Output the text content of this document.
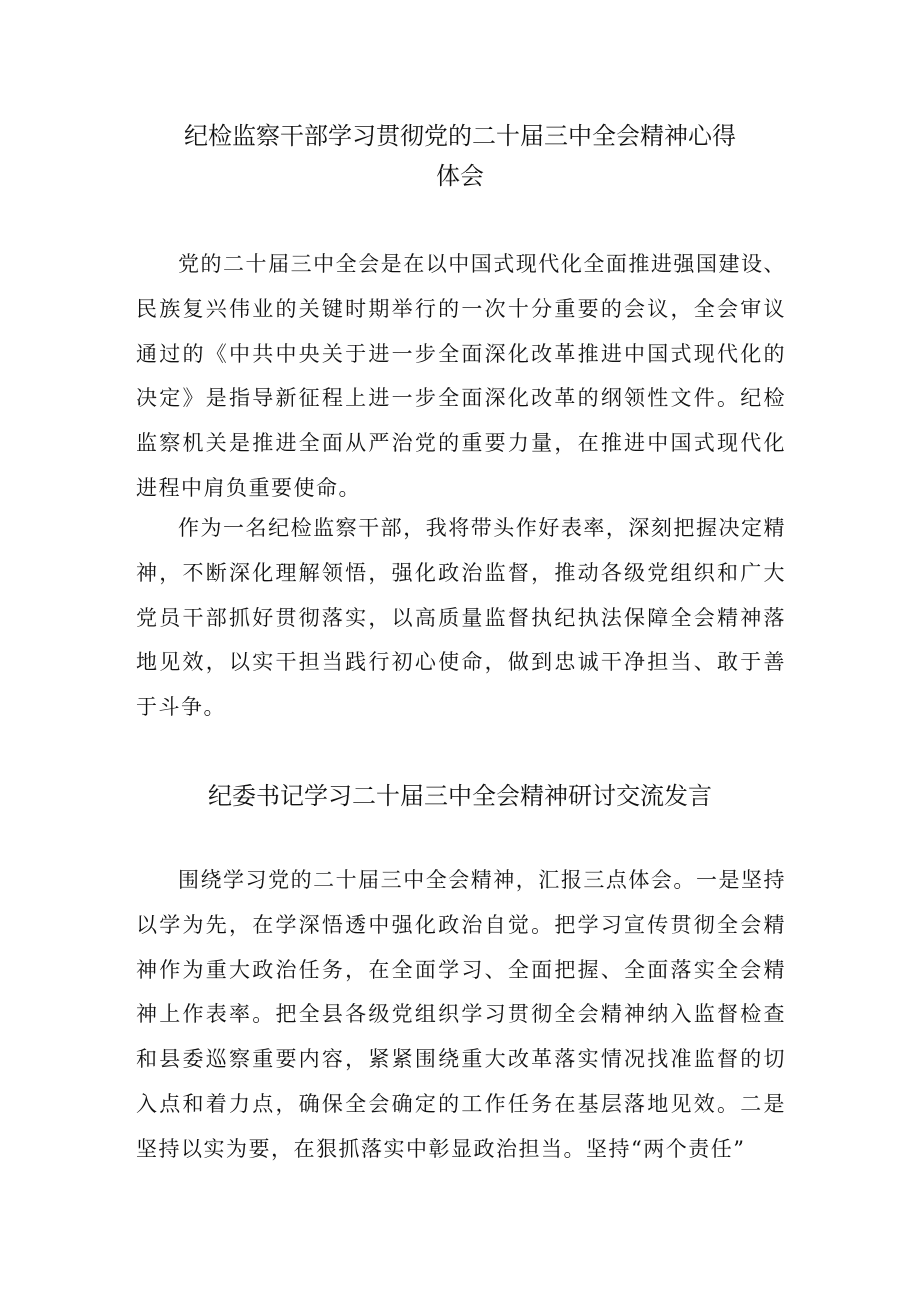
纪检监察干部学习贯彻党的二十届三中全会精神心得
体会

党的二十届三中全会是在以中国式现代化全面推进强国建设、民族复兴伟业的关键时期举行的一次十分重要的会议，全会审议通过的《中共中央关于进一步全面深化改革推进中国式现代化的决定》是指导新征程上进一步全面深化改革的纲领性文件。纪检监察机关是推进全面从严治党的重要力量，在推进中国式现代化进程中肩负重要使命。

作为一名纪检监察干部，我将带头作好表率，深刻把握决定精神，不断深化理解领悟，强化政治监督，推动各级党组织和广大党员干部抓好贯彻落实，以高质量监督执纪执法保障全会精神落地见效，以实干担当践行初心使命，做到忠诚干净担当、敢于善于斗争。

纪委书记学习二十届三中全会精神研讨交流发言

围绕学习党的二十届三中全会精神，汇报三点体会。一是坚持以学为先，在学深悟透中强化政治自觉。把学习宣传贯彻全会精神作为重大政治任务，在全面学习、全面把握、全面落实全会精神上作表率。把全县各级党组织学习贯彻全会精神纳入监督检查和县委巡察重要内容，紧紧围绕重大改革落实情况找准监督的切入点和着力点，确保全会确定的工作任务在基层落地见效。二是坚持以实为要，在狠抓落实中彰显政治担当。坚持“两个责任”
